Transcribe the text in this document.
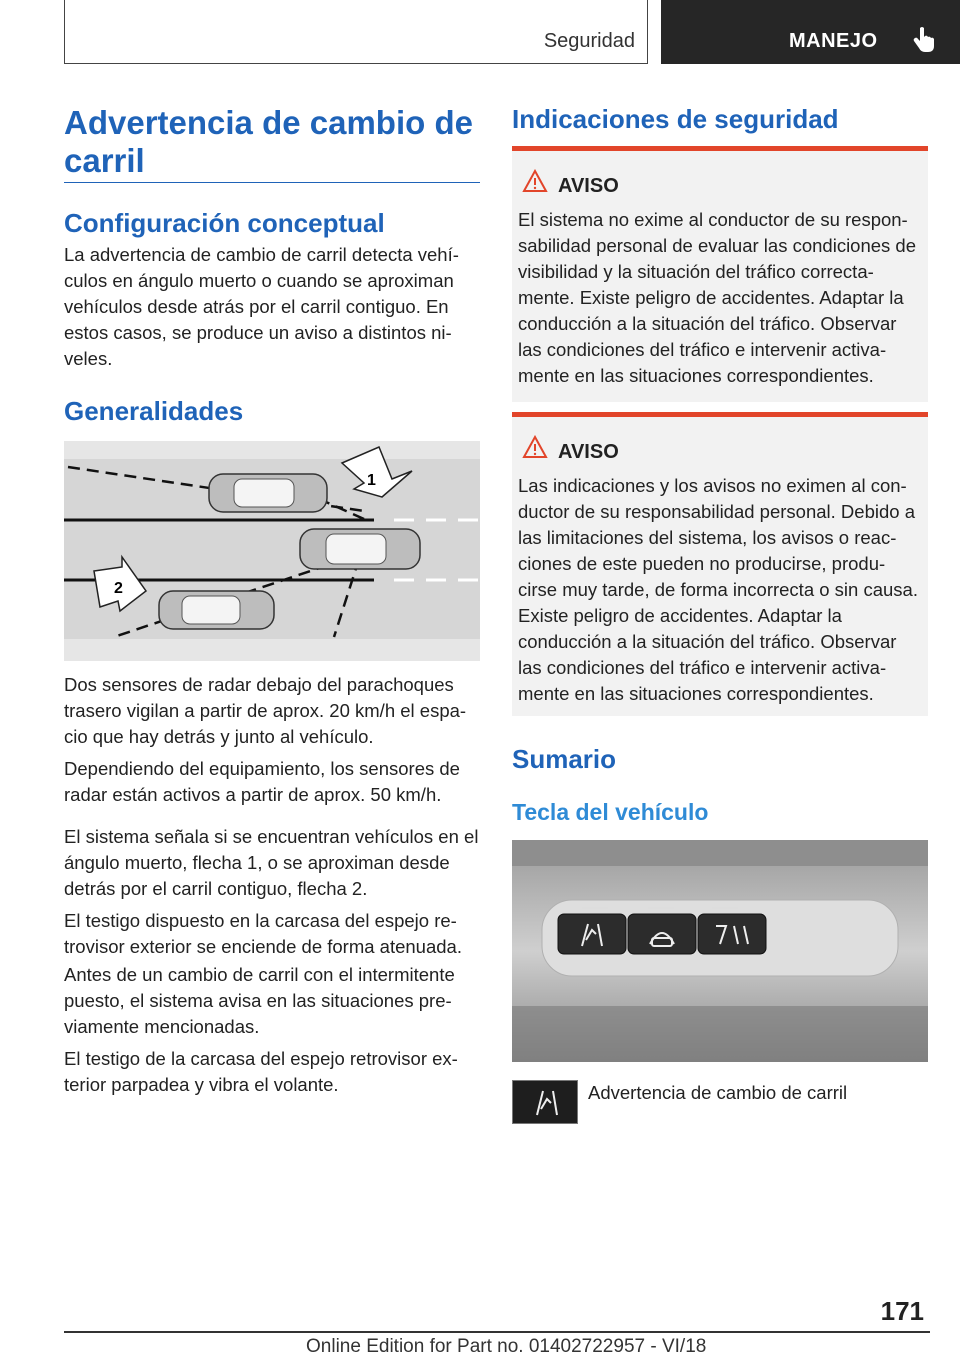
Seguridad	MANEJO
Advertencia de cambio de carril
Configuración conceptual

La advertencia de cambio de carril detecta vehí-culos en ángulo muerto o cuando se aproximan vehículos desde atrás por el carril contiguo. En estos casos, se produce un aviso a distintos ni-veles.

Generalidades
1
2

Dos sensores de radar debajo del parachoques trasero vigilan a partir de aprox. 20 km/h el espa-cio que hay detrás y junto al vehículo.

Dependiendo del equipamiento, los sensores de radar están activos a partir de aprox. 50 km/h.

El sistema señala si se encuentran vehículos en el ángulo muerto, flecha 1, o se aproximan desde detrás por el carril contiguo, flecha 2.

El testigo dispuesto en la carcasa del espejo re-trovisor exterior se enciende de forma atenuada.

Antes de un cambio de carril con el intermitente puesto, el sistema avisa en las situaciones pre-viamente mencionadas.

El testigo de la carcasa del espejo retrovisor ex-terior parpadea y vibra el volante.

Indicaciones de seguridad
AVISO

El sistema no exime al conductor de su respon-sabilidad personal de evaluar las condiciones de visibilidad y la situación del tráfico correcta-mente. Existe peligro de accidentes. Adaptar la conducción a la situación del tráfico. Observar las condiciones del tráfico e intervenir activa-mente en las situaciones correspondientes.

AVISO

Las indicaciones y los avisos no eximen al con-ductor de su responsabilidad personal. Debido a las limitaciones del sistema, los avisos o reac-ciones de este pueden no producirse, produ-cirse muy tarde, de forma incorrecta o sin causa. Existe peligro de accidentes. Adaptar la conducción a la situación del tráfico. Observar las condiciones del tráfico e intervenir activa-mente en las situaciones correspondientes.

Sumario
Tecla del vehículo

Advertencia de cambio de carril

171
Online Edition for Part no. 01402722957 - VI/18
